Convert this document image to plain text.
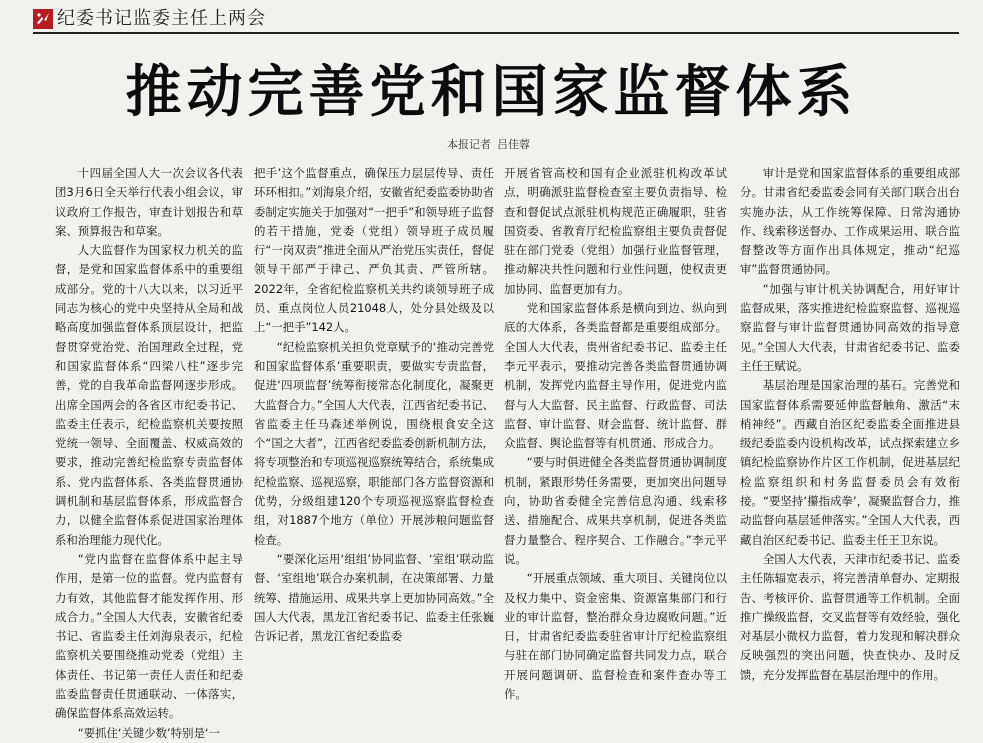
纪委书记监委主任上两会
推动完善党和国家监督体系
本报记者 吕佳蓉

十四届全国人大一次会议各代表团3月6日全天举行代表小组会议，审议政府工作报告，审查计划报告和草案、预算报告和草案。

人大监督作为国家权力机关的监督，是党和国家监督体系中的重要组成部分。党的十八大以来，以习近平同志为核心的党中央坚持从全局和战略高度加强监督体系顶层设计，把监督贯穿党治党、治国理政全过程，党和国家监督体系“四梁八柱”逐步完善，党的自我革命监督网逐步形成。出席全国两会的各省区市纪委书记、监委主任表示，纪检监察机关要按照党统一领导、全面覆盖、权威高效的要求，推动完善纪检监察专责监督体系、党内监督体系、各类监督贯通协调机制和基层监督体系，形成监督合力，以健全监督体系促进国家治理体系和治理能力现代化。

“党内监督在监督体系中起主导作用，是第一位的监督。党内监督有力有效，其他监督才能发挥作用、形成合力。”全国人大代表，安徽省纪委书记、省监委主任刘海泉表示，纪检监察机关要围绕推动党委（党组）主体责任、书记第一责任人责任和纪委监委监督责任贯通联动、一体落实，确保监督体系高效运转。

“要抓住‘关键少数’特别是‘一

把手’这个监督重点，确保压力层层传导、责任环环相扣。”刘海泉介绍，安徽省纪委监委协助省委制定实施关于加强对“一把手”和领导班子监督的若干措施，党委（党组）领导班子成员履行“一岗双责”推进全面从严治党压实责任，督促领导干部严于律己、严负其责、严管所辖。2022年，全省纪检监察机关共约谈领导班子成员、重点岗位人员21048人，处分县处级及以上“一把手”142人。

“纪检监察机关担负党章赋予的‘推动完善党和国家监督体系’重要职责，要做实专责监督，促进‘四项监督’统筹衔接常态化制度化，凝聚更大监督合力。”全国人大代表，江西省纪委书记、省监委主任马森述举例说，围绕根食安全这个“国之大者”，江西省纪委监委创新机制方法，将专项整治和专项巡视巡察统筹结合，系统集成纪检监察、巡视巡察，职能部门各方监督资源和优势，分级组建120个专项巡视巡察监督检查组，对1887个地方（单位）开展涉粮问题监督检查。

“要深化运用‘组组’协同监督、‘室组’联动监督、‘室组地’联合办案机制，在决策部署、力量统筹、措施运用、成果共享上更加协同高效。”全国人大代表，黑龙江省纪委书记、监委主任张巍告诉记者，黑龙江省纪委监委

开展省管高校和国有企业派驻机构改革试点，明确派驻监督检查室主要负责指导、检查和督促试点派驻机构规范正确履职，驻省国资委、省教育厅纪检监察组主要负责督促驻在部门党委（党组）加强行业监督管理，推动解决共性问题和行业性问题，使权责更加协同、监督更加有力。

党和国家监督体系是横向到边、纵向到底的大体系，各类监督都是重要组成部分。全国人大代表，贵州省纪委书记、监委主任李元平表示，要推动完善各类监督贯通协调机制，发挥党内监督主导作用，促进党内监督与人大监督、民主监督、行政监督、司法监督、审计监督、财会监督、统计监督、群众监督、舆论监督等有机贯通、形成合力。

“要与时俱进健全各类监督贯通协调制度机制，紧跟形势任务需要，更加突出问题导向，协助省委健全完善信息沟通、线索移送、措施配合、成果共享机制，促进各类监督力量整合、程序契合、工作融合。”李元平说。

“开展重点领域、重大项目、关键岗位以及权力集中、资金密集、资源富集部门和行业的审计监督，整治群众身边腐败问题。”近日，甘肃省纪委监委驻省审计厅纪检监察组与驻在部门协同确定监督共同发力点，联合开展问题调研、监督检查和案件查办等工作。

审计是党和国家监督体系的重要组成部分。甘肃省纪委监委会同有关部门联合出台实施办法，从工作统筹保障、日常沟通协作、线索移送督办、工作成果运用、联合监督整改等方面作出具体规定，推动“纪巡审”监督贯通协同。

“加强与审计机关协调配合，用好审计监督成果，落实推进纪检监察监督、巡视巡察监督与审计监督贯通协同高效的指导意见。”全国人大代表，甘肃省纪委书记、监委主任王赋说。

基层治理是国家治理的基石。完善党和国家监督体系需要延伸监督触角、激活“末梢神经”。西藏自治区纪委监委全面推进县级纪委监委内设机构改革，试点探索建立乡镇纪检监察协作片区工作机制，促进基层纪检监察组织和村务监督委员会有效衔接。“要坚持‘攥指成拳’，凝聚监督合力，推动监督向基层延伸落实。”全国人大代表，西藏自治区纪委书记、监委主任王卫东说。

全国人大代表，天津市纪委书记、监委主任陈辐宽表示，将完善清单督办、定期报告、考核评价、监督贯通等工作机制。全面推广操级监督，交叉监督等有效经验，强化对基层小微权力监督，着力发现和解决群众反映强烈的突出问题，快查快办、及时反馈，充分发挥监督在基层治理中的作用。
